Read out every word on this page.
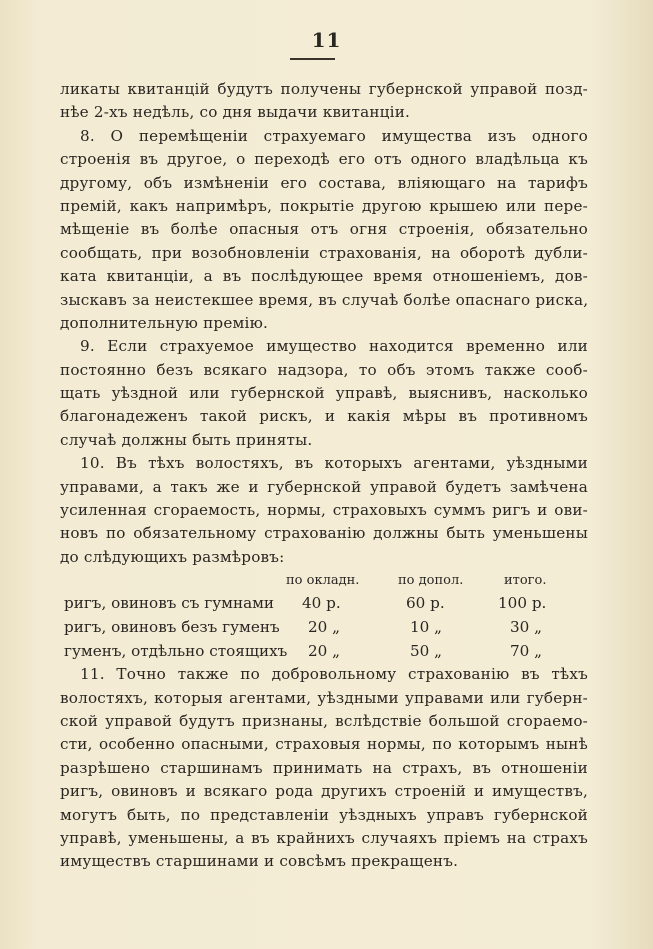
11
ликаты квитанцій будутъ получены губернской управой позд-
нѣе 2-хъ недѣль, со дня выдачи квитанціи.
8. О перемѣщеніи страхуемаго имущества изъ одного
строенія въ другое, о переходѣ его отъ одного владѣльца къ
другому, объ измѣненіи его состава, вліяющаго на тарифъ
премій, какъ напримѣръ, покрытіе другою крышею или пере-
мѣщеніе въ болѣе опасныя отъ огня строенія, обязательно
сообщать, при возобновленіи страхованія, на оборотѣ дубли-
ката квитанціи, а въ послѣдующее время отношеніемъ, дов-
зыскавъ за неистекшее время, въ случаѣ болѣе опаснаго риска,
дополнительную премію.
9. Если страхуемое имущество находится временно или
постоянно безъ всякаго надзора, то объ этомъ также сооб-
щать уѣздной или губернской управѣ, выяснивъ, насколько
благонадеженъ такой рискъ, и какія мѣры въ противномъ
случаѣ должны быть приняты.
10. Въ тѣхъ волостяхъ, въ которыхъ агентами, уѣздными
управами, а такъ же и губернской управой будетъ замѣчена
усиленная сгораемость, нормы, страховыхъ суммъ ригъ и ови-
новъ по обязательному страхованію должны быть уменьшены
до слѣдующихъ размѣровъ:
по окладн.	по допол.	итого.
ригъ, овиновъ съ гумнами 40 р.	60 р.	100 р.
ригъ, овиновъ безъ гуменъ 20 „	10 „	30 „
гуменъ, отдѣльно стоящихъ 20 „	50 „	70 „
11. Точно также по добровольному страхованію въ тѣхъ
волостяхъ, которыя агентами, уѣздными управами или губерн-
ской управой будутъ признаны, вслѣдствіе большой сгораемо-
сти, особенно опасными, страховыя нормы, по которымъ нынѣ
разрѣшено старшинамъ принимать на страхъ, въ отношеніи
ригъ, овиновъ и всякаго рода другихъ строеній и имуществъ,
могутъ быть, по представленіи уѣздныхъ управъ губернской
управѣ, уменьшены, а въ крайнихъ случаяхъ пріемъ на страхъ
имуществъ старшинами и совсѣмъ прекращенъ.
